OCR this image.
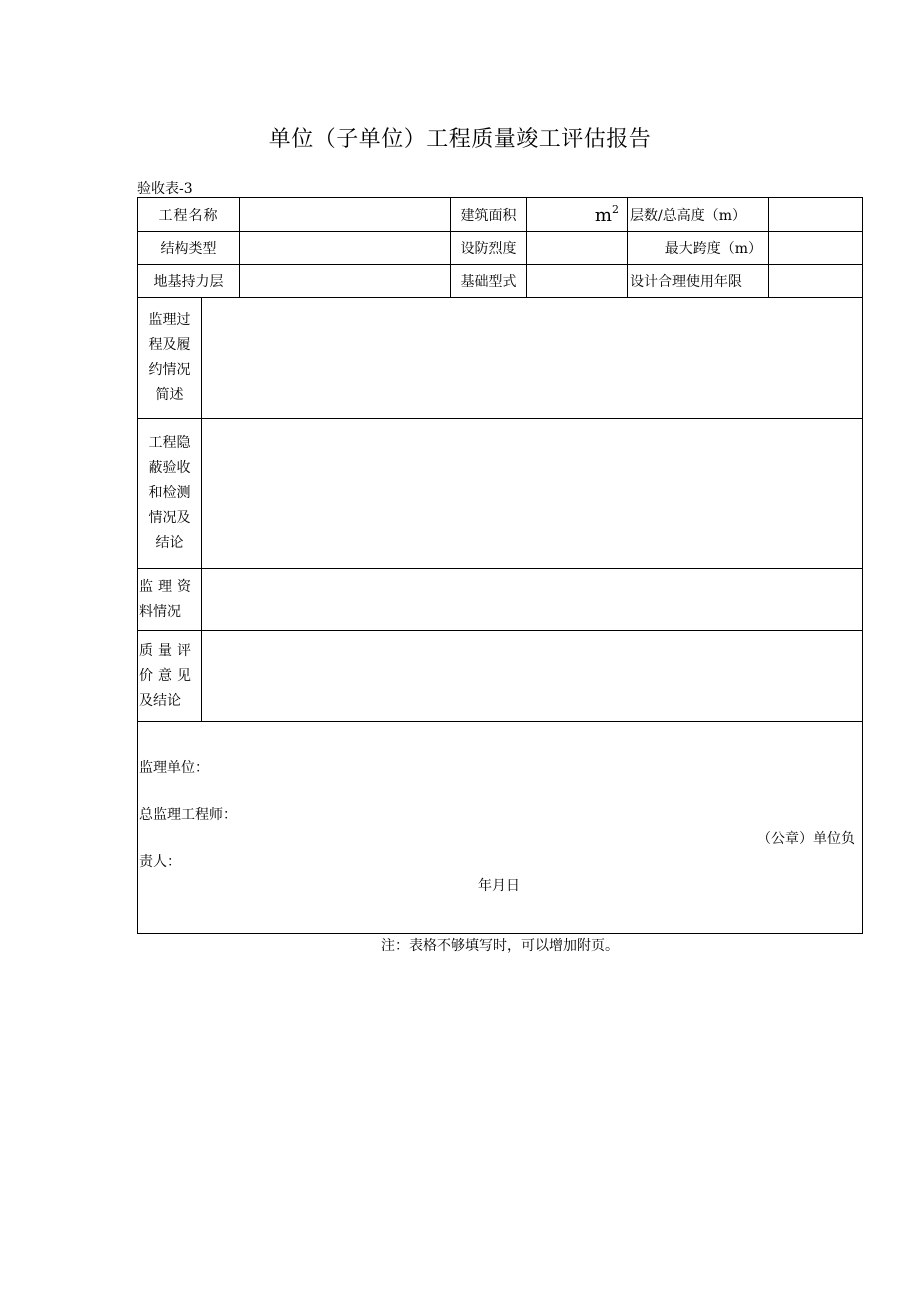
单位（子单位）工程质量竣工评估报告
验收表-3
工程名称			建筑面积	$m^2$	层数/总高度（m）	
结构类型			设防烈度		最大跨度（m）	
地基持力层			基础型式		设计合理使用年限	

监理过
程及履
约情况
简述						

工程隐
蔽验收
和检测
情况及
结论						

监理资
料情况						

质量评
价意见
及结论						

监理单位：
总监理工程师：
（公章）单位负
责人：
年月日						
注：表格不够填写时，可以增加附页。
